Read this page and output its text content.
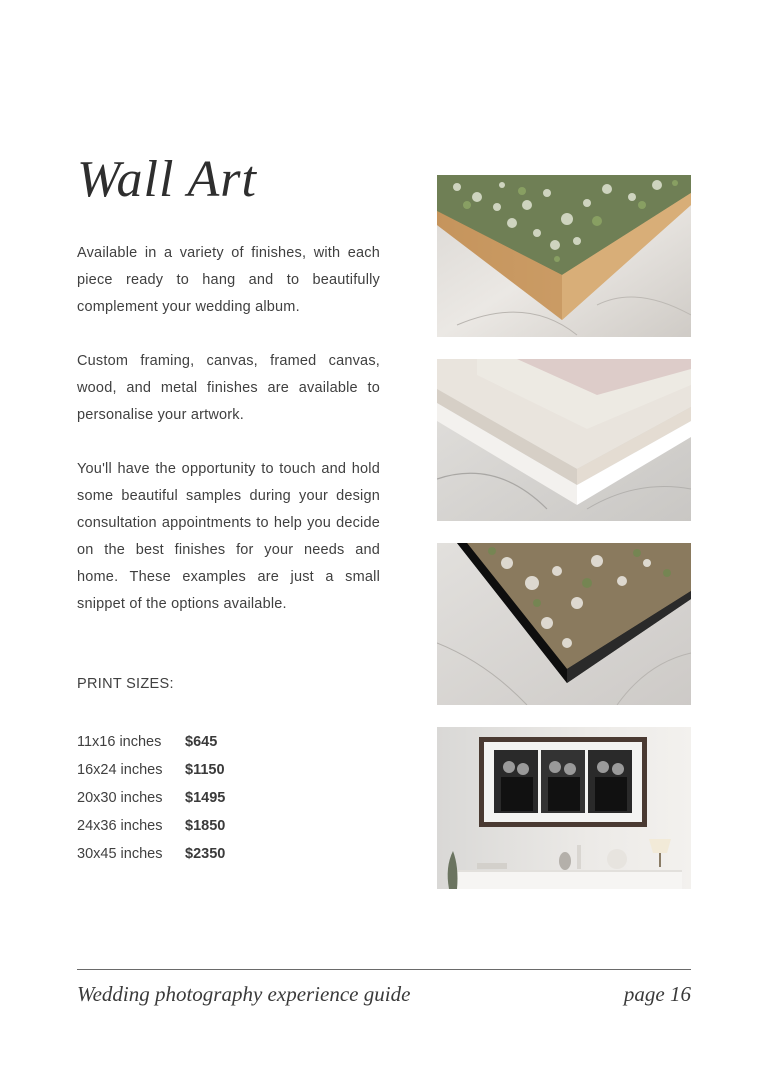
Wall Art

Available in a variety of finishes, with each piece ready to hang and to beautifully complement your wedding album.

Custom framing, canvas, framed canvas, wood, and metal finishes are available to personalise your artwork.

You'll have the opportunity to touch and hold some beautiful samples during your design consultation appointments to help you decide on the best finishes for your needs and home. These examples are just a small snippet of the options available.

PRINT SIZES:

11x16 inches	$645
16x24 inches	$1150
20x30 inches	$1495
24x36 inches	$1850
30x45 inches	$2350
Wedding photography experience guide	page 16
